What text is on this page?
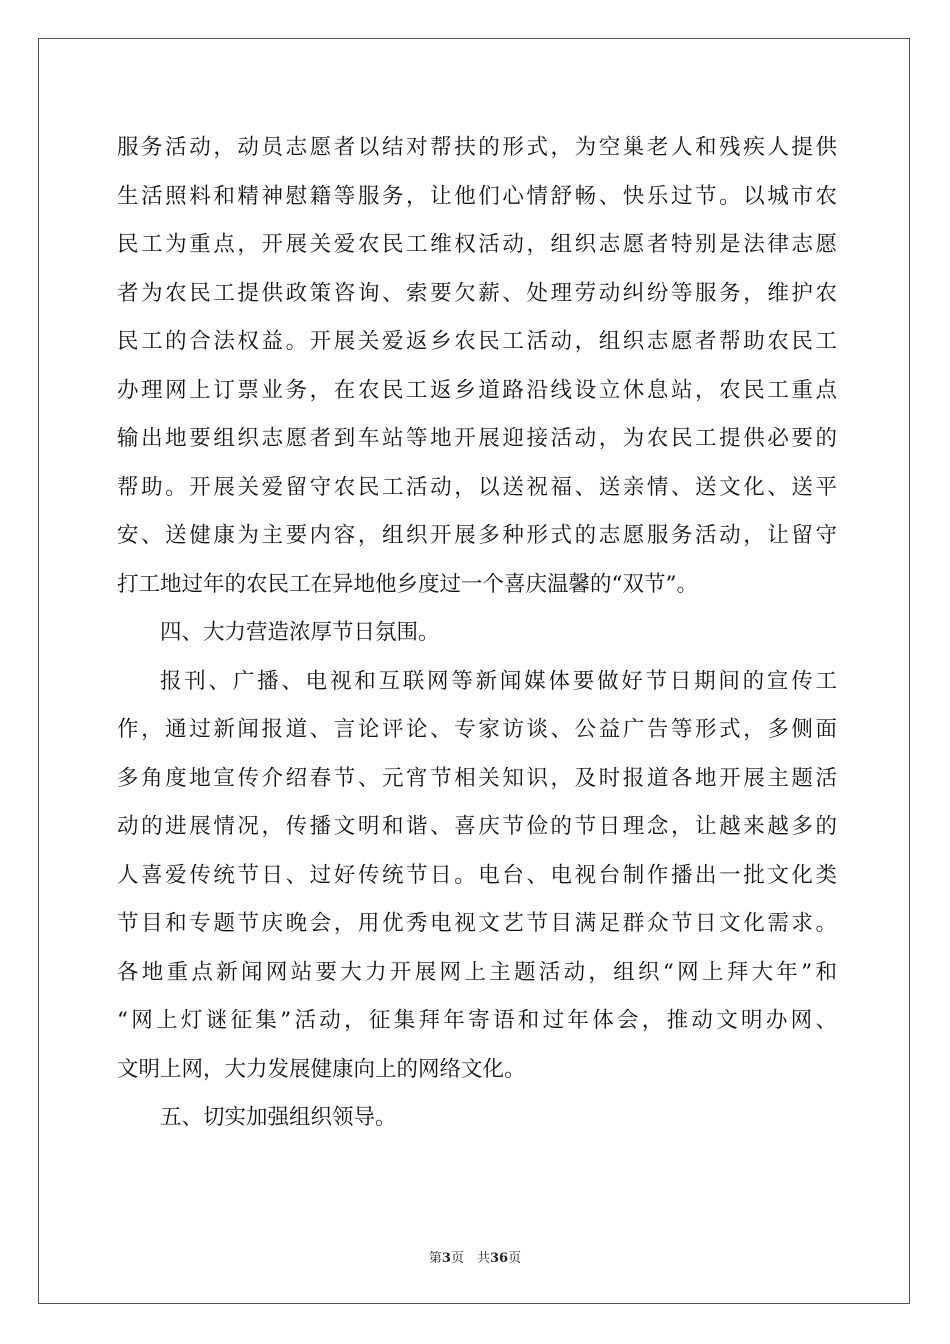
服务活动，动员志愿者以结对帮扶的形式，为空巢老人和残疾人提供
生活照料和精神慰籍等服务，让他们心情舒畅、快乐过节。以城市农
民工为重点，开展关爱农民工维权活动，组织志愿者特别是法律志愿
者为农民工提供政策咨询、索要欠薪、处理劳动纠纷等服务，维护农
民工的合法权益。开展关爱返乡农民工活动，组织志愿者帮助农民工
办理网上订票业务，在农民工返乡道路沿线设立休息站，农民工重点
输出地要组织志愿者到车站等地开展迎接活动，为农民工提供必要的
帮助。开展关爱留守农民工活动，以送祝福、送亲情、送文化、送平
安、送健康为主要内容，组织开展多种形式的志愿服务活动，让留守
打工地过年的农民工在异地他乡度过一个喜庆温馨的“双节”。
四、大力营造浓厚节日氛围。
报刊、广播、电视和互联网等新闻媒体要做好节日期间的宣传工
作，通过新闻报道、言论评论、专家访谈、公益广告等形式，多侧面
多角度地宣传介绍春节、元宵节相关知识，及时报道各地开展主题活
动的进展情况，传播文明和谐、喜庆节俭的节日理念，让越来越多的
人喜爱传统节日、过好传统节日。电台、电视台制作播出一批文化类
节目和专题节庆晚会，用优秀电视文艺节目满足群众节日文化需求。
各地重点新闻网站要大力开展网上主题活动，组织“网上拜大年”和
“网上灯谜征集”活动，征集拜年寄语和过年体会，推动文明办网、
文明上网，大力发展健康向上的网络文化。
五、切实加强组织领导。
第3页　共36页
